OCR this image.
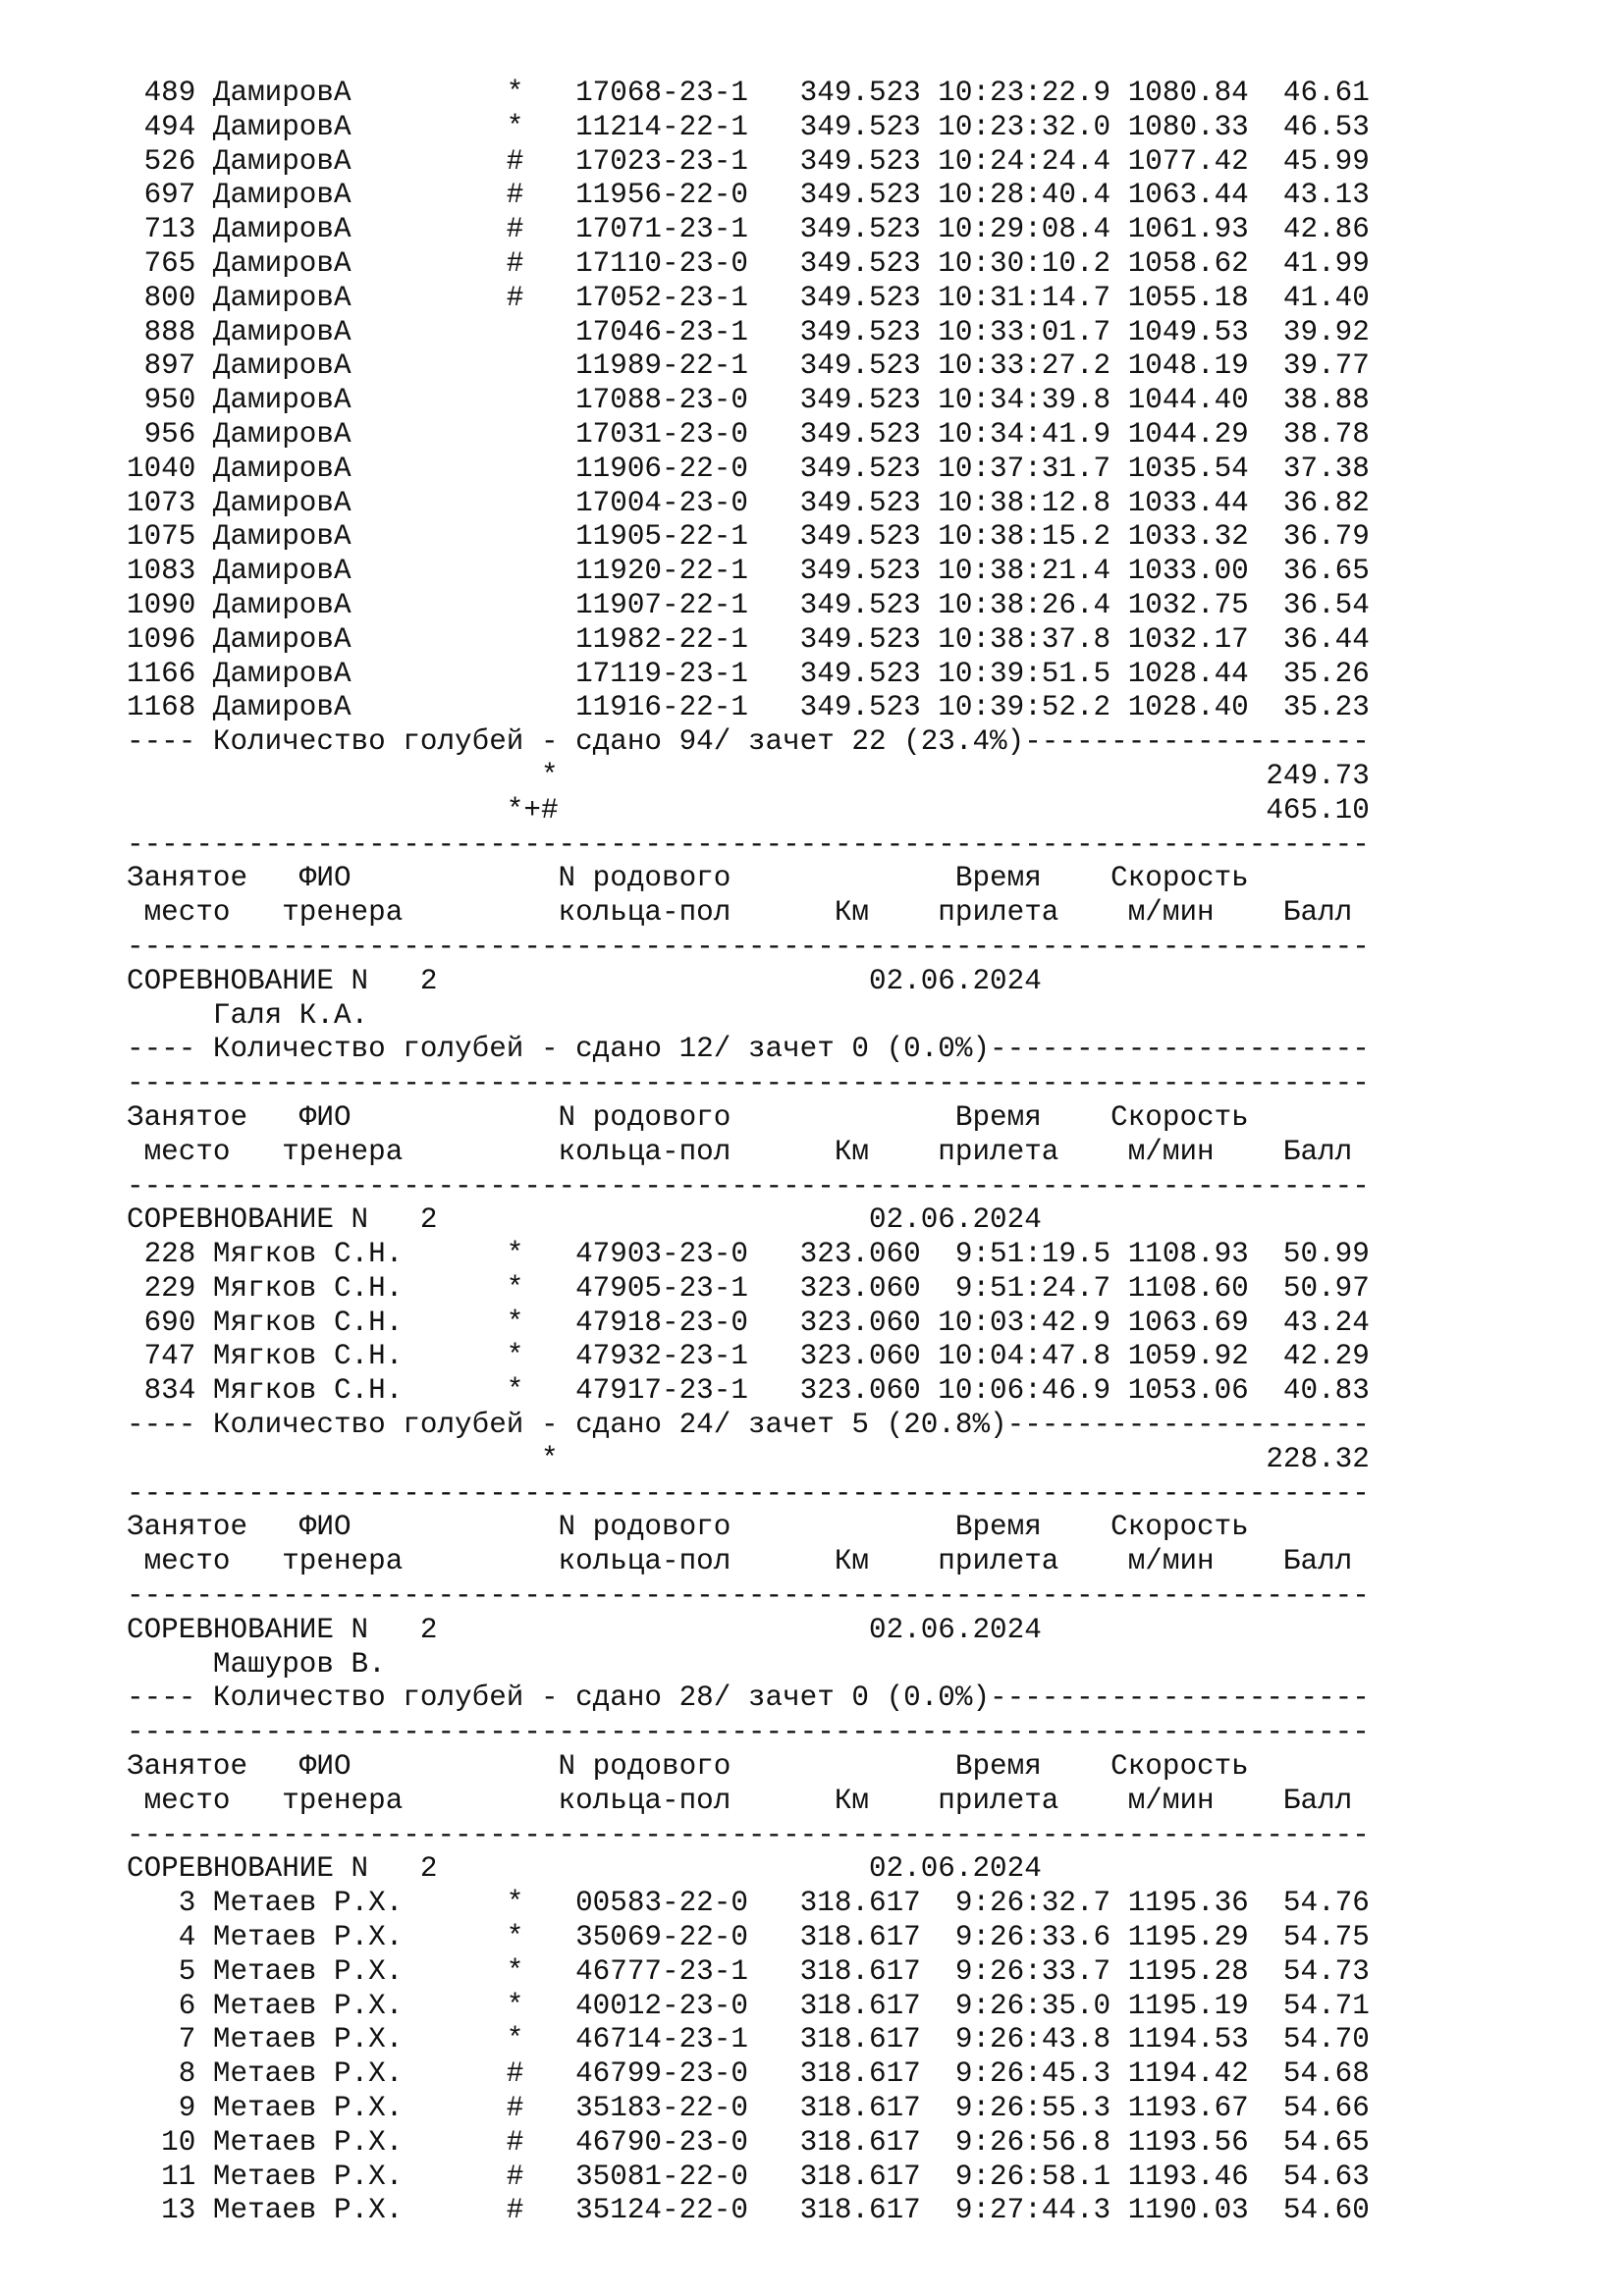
489 ДамировА         *   17068-23-1   349.523 10:23:22.9 1080.84  46.61
494 ДамировА         *   11214-22-1   349.523 10:23:32.0 1080.33  46.53
526 ДамировА         #   17023-23-1   349.523 10:24:24.4 1077.42  45.99
697 ДамировА         #   11956-22-0   349.523 10:28:40.4 1063.44  43.13
713 ДамировА         #   17071-23-1   349.523 10:29:08.4 1061.93  42.86
765 ДамировА         #   17110-23-0   349.523 10:30:10.2 1058.62  41.99
800 ДамировА         #   17052-23-1   349.523 10:31:14.7 1055.18  41.40
888 ДамировА             17046-23-1   349.523 10:33:01.7 1049.53  39.92
897 ДамировА             11989-22-1   349.523 10:33:27.2 1048.19  39.77
950 ДамировА             17088-23-0   349.523 10:34:39.8 1044.40  38.88
956 ДамировА             17031-23-0   349.523 10:34:41.9 1044.29  38.78
1040 ДамировА             11906-22-0   349.523 10:37:31.7 1035.54  37.38
1073 ДамировА             17004-23-0   349.523 10:38:12.8 1033.44  36.82
1075 ДамировА             11905-22-1   349.523 10:38:15.2 1033.32  36.79
1083 ДамировА             11920-22-1   349.523 10:38:21.4 1033.00  36.65
1090 ДамировА             11907-22-1   349.523 10:38:26.4 1032.75  36.54
1096 ДамировА             11982-22-1   349.523 10:38:37.8 1032.17  36.44
1166 ДамировА             17119-23-1   349.523 10:39:51.5 1028.44  35.26
1168 ДамировА             11916-22-1   349.523 10:39:52.2 1028.40  35.23
---- Количество голубей - сдано 94/ зачет 22 (23.4%)--------------------
*                                         249.73
*+#                                         465.10
------------------------------------------------------------------------
Занятое   ФИО            N родового             Время    Скорость
место   тренера         кольца-пол      Км    прилета    м/мин    Балл
------------------------------------------------------------------------
СОРЕВНОВАНИЕ N   2                         02.06.2024
Галя К.А.
---- Количество голубей - сдано 12/ зачет 0 (0.0%)----------------------
------------------------------------------------------------------------
Занятое   ФИО            N родового             Время    Скорость
место   тренера         кольца-пол      Км    прилета    м/мин    Балл
------------------------------------------------------------------------
СОРЕВНОВАНИЕ N   2                         02.06.2024
228 Мягков С.Н.      *   47903-23-0   323.060  9:51:19.5 1108.93  50.99
229 Мягков С.Н.      *   47905-23-1   323.060  9:51:24.7 1108.60  50.97
690 Мягков С.Н.      *   47918-23-0   323.060 10:03:42.9 1063.69  43.24
747 Мягков С.Н.      *   47932-23-1   323.060 10:04:47.8 1059.92  42.29
834 Мягков С.Н.      *   47917-23-1   323.060 10:06:46.9 1053.06  40.83
---- Количество голубей - сдано 24/ зачет 5 (20.8%)---------------------
*                                         228.32
------------------------------------------------------------------------
Занятое   ФИО            N родового             Время    Скорость
место   тренера         кольца-пол      Км    прилета    м/мин    Балл
------------------------------------------------------------------------
СОРЕВНОВАНИЕ N   2                         02.06.2024
Машуров В.
---- Количество голубей - сдано 28/ зачет 0 (0.0%)----------------------
------------------------------------------------------------------------
Занятое   ФИО            N родового             Время    Скорость
место   тренера         кольца-пол      Км    прилета    м/мин    Балл
------------------------------------------------------------------------
СОРЕВНОВАНИЕ N   2                         02.06.2024
3 Метаев Р.Х.      *   00583-22-0   318.617  9:26:32.7 1195.36  54.76
4 Метаев Р.Х.      *   35069-22-0   318.617  9:26:33.6 1195.29  54.75
5 Метаев Р.Х.      *   46777-23-1   318.617  9:26:33.7 1195.28  54.73
6 Метаев Р.Х.      *   40012-23-0   318.617  9:26:35.0 1195.19  54.71
7 Метаев Р.Х.      *   46714-23-1   318.617  9:26:43.8 1194.53  54.70
8 Метаев Р.Х.      #   46799-23-0   318.617  9:26:45.3 1194.42  54.68
9 Метаев Р.Х.      #   35183-22-0   318.617  9:26:55.3 1193.67  54.66
10 Метаев Р.Х.      #   46790-23-0   318.617  9:26:56.8 1193.56  54.65
11 Метаев Р.Х.      #   35081-22-0   318.617  9:26:58.1 1193.46  54.63
13 Метаев Р.Х.      #   35124-22-0   318.617  9:27:44.3 1190.03  54.60
